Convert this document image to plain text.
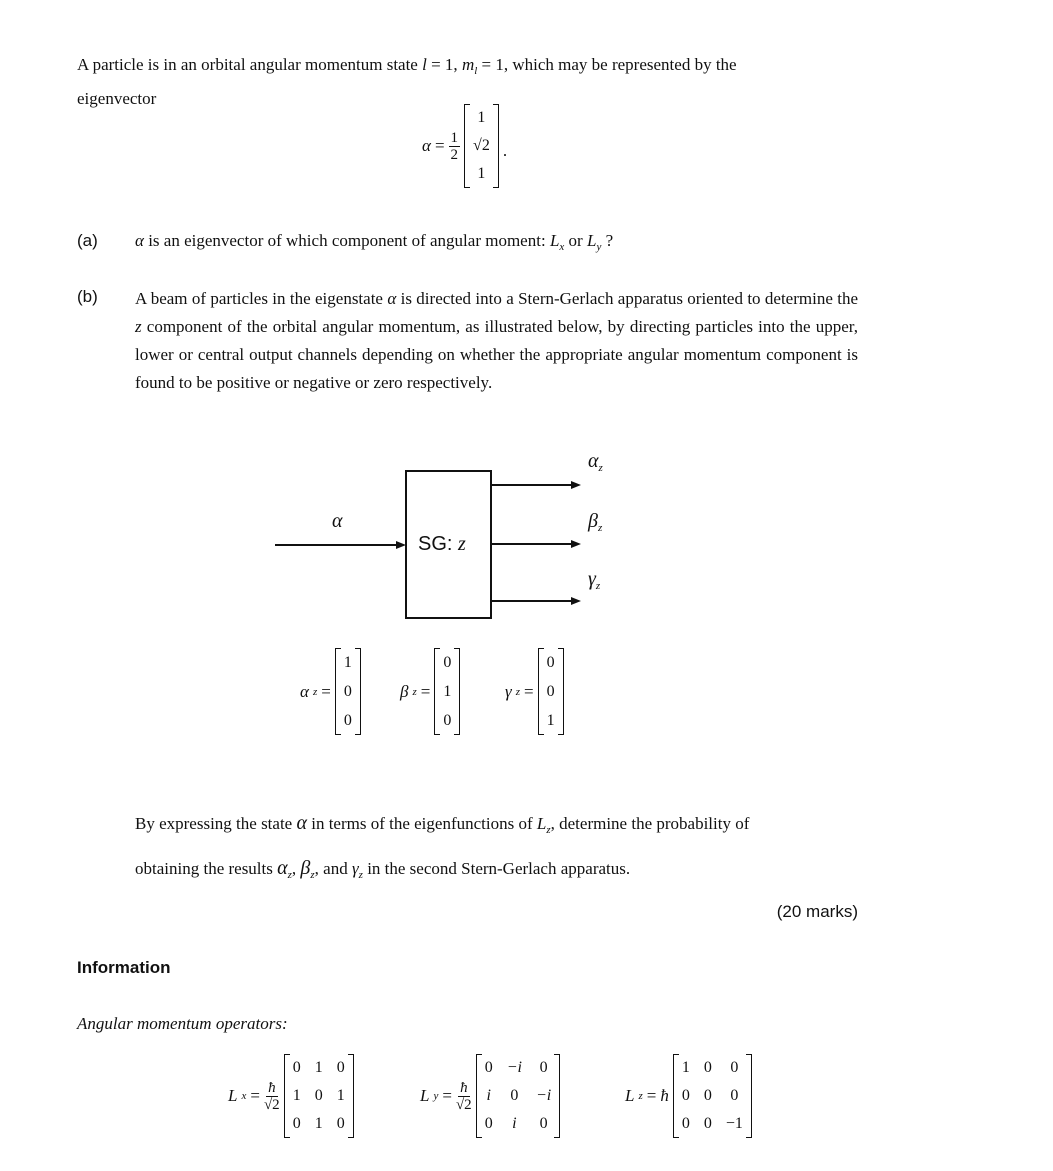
A particle is in an orbital angular momentum state l = 1, $m_l = 1$, which may be represented by the
eigenvector
$\alpha = \frac{1}{2}$
1
√2
1
.
(a) α is an eigenvector of which component of angular moment: $L_x$ or $L_y$ ?
(b) A beam of particles in the eigenstate α is directed into a Stern-Gerlach apparatus oriented to determine the z component of the orbital angular momentum, as illustrated below, by directing particles into the upper, lower or central output channels depending on whether the appropriate angular momentum component is found to be positive or negative or zero respectively.
α
SG: z
$\alpha_z$
$\beta_z$
$\gamma_z$
α z =
1
0
0
β z =
0
1
0
γ z =
0
0
1
By expressing the state α in terms of the eigenfunctions of $L_z$, determine the probability of
obtaining the results $\alpha_z$, $\beta_z$, and $\gamma_z$ in the second Stern-Gerlach apparatus.
(20 marks)
Information
Angular momentum operators:
L $x = \frac{ħ}{√2}$
0 1 0
1 0 1
0 1 0
L $y = \frac{ħ}{√2}$
0 −i 0
i 0 −i
0	i	0
L z = ħ
1 0 0
0 0 0
0 0 −1
